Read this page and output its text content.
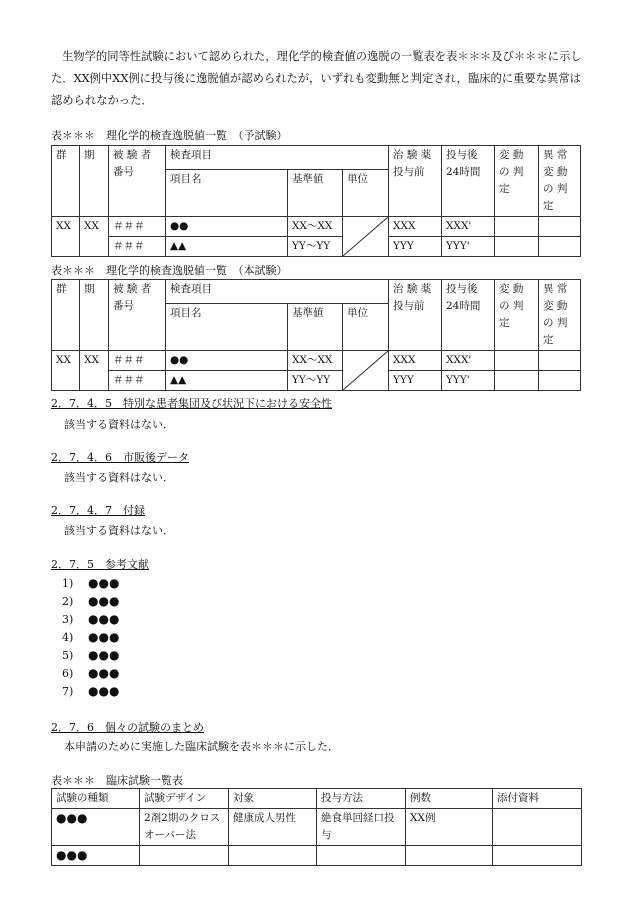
生物学的同等性試験において認められた，理化学的検査値の逸脱の一覧表を表＊＊＊及び＊＊＊に示した．XX例中XX例に投与後に逸脱値が認められたが，いずれも変動無と判定され，臨床的に重要な異常は認められなかった．
表＊＊＊　理化学的検査逸脱値一覧　（予試験）
群	期	被 験 者 番号	検査項目			治 験 薬 投与前	投与後 24時間	変 動 の 判 定	異 常 変 動 の 判 定
			項目名	基準値	単位				
XX	XX	＃＃＃	●●	XX～XX		XXX	XXX'		
		＃＃＃	▲▲	YY～YY		YYY	YYY'		
表＊＊＊　理化学的検査逸脱値一覧　（本試験）
群	期	被 験 者 番号	検査項目			治 験 薬 投与前	投与後 24時間	変 動 の 判 定	異 常 変 動 の 判 定
			項目名	基準値	単位				
XX	XX	＃＃＃	●●	XX～XX		XXX	XXX'		
		＃＃＃	▲▲	YY～YY		YYY	YYY'		
2．7．4．5　特別な患者集団及び状況下における安全性
該当する資料はない．
2．7．4．6　市販後データ
該当する資料はない．
2．7．4．7　付録
該当する資料はない．
2．7．5　参考文献
1) ●●●
2) ●●●
3) ●●●
4) ●●●
5) ●●●
6) ●●●
7) ●●●
2．7．6　個々の試験のまとめ
本申請のために実施した臨床試験を表＊＊＊に示した．
表＊＊＊　臨床試験一覧表
試験の種類	試験デザイン	対象	投与方法	例数	添付資料
●●●	2剤2期のクロスオーバー法	健康成人男性	絶食単回経口投与	XX例	
●●●					
